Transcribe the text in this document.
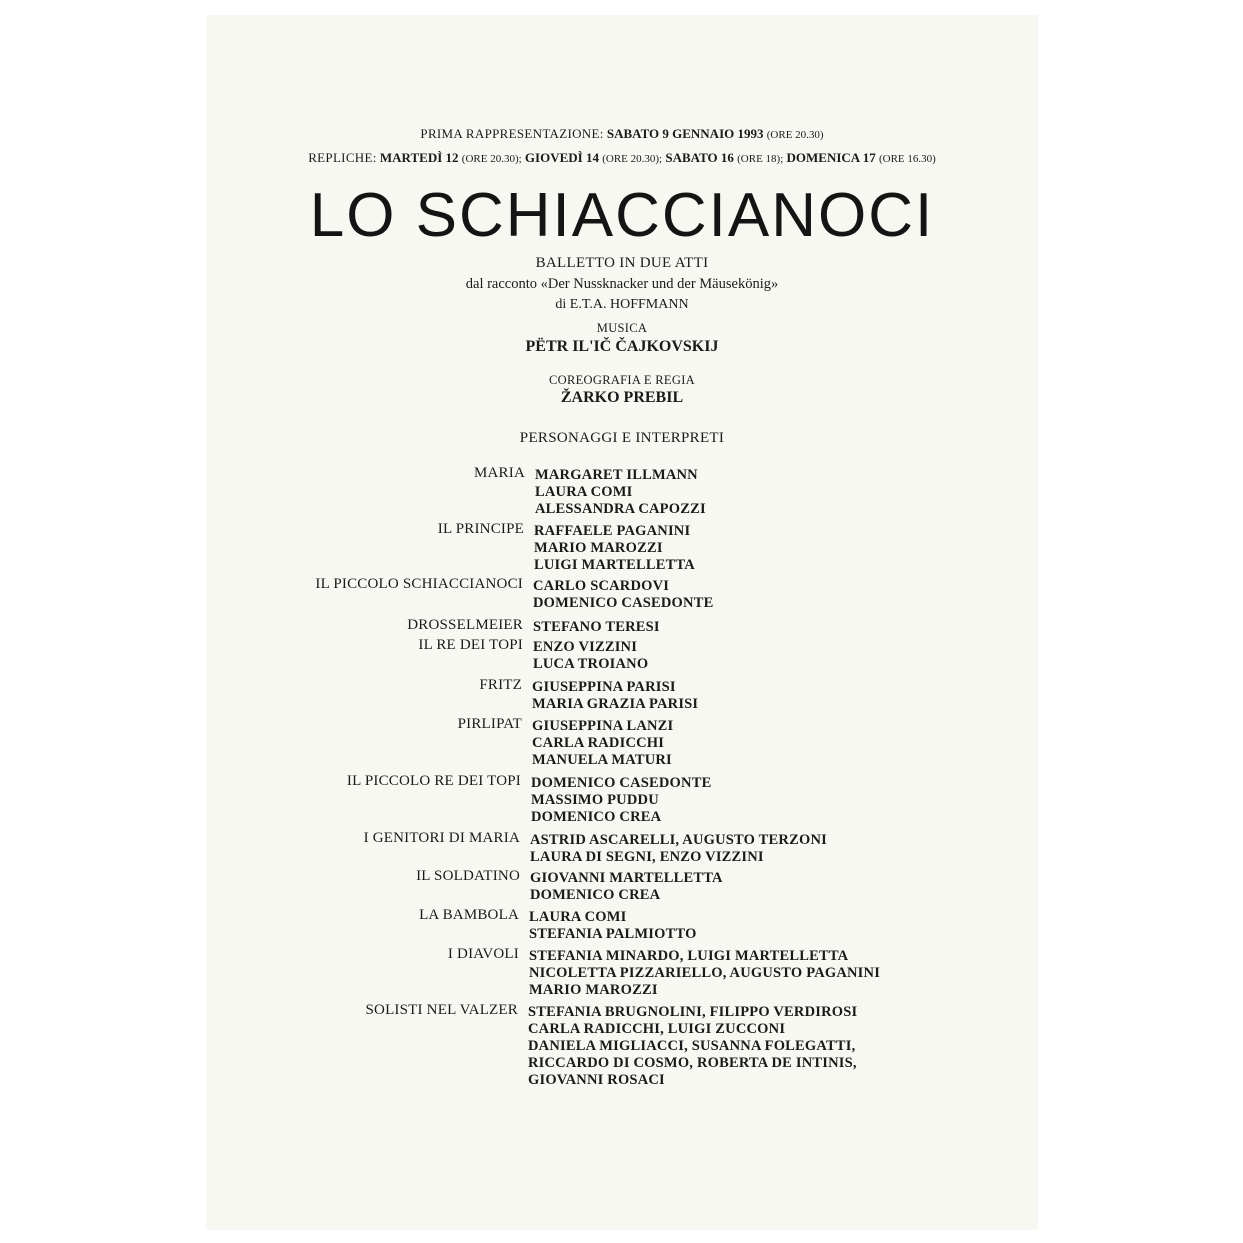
PRIMA RAPPRESENTAZIONE: SABATO 9 GENNAIO 1993 (ORE 20.30)
REPLICHE: MARTEDÌ 12 (ORE 20.30); GIOVEDÌ 14 (ORE 20.30); SABATO 16 (ORE 18); DOMENICA 17 (ORE 16.30)
LO SCHIACCIANOCI
BALLETTO IN DUE ATTI
dal racconto «Der Nussknacker und der Mäusekönig»
di E.T.A. HOFFMANN
MUSICA
PËTR IL'IČ ČAJKOVSKIJ
COREOGRAFIA E REGIA
ŽARKO PREBIL
PERSONAGGI E INTERPRETI
MARIA MARGARET ILLMANN
LAURA COMI
ALESSANDRA CAPOZZI
IL PRINCIPE RAFFAELE PAGANINI
MARIO MAROZZI
LUIGI MARTELLETTA
IL PICCOLO SCHIACCIANOCI CARLO SCARDOVI
DOMENICO CASEDONTE
DROSSELMEIER STEFANO TERESI
IL RE DEI TOPI ENZO VIZZINI
LUCA TROIANO
FRITZ GIUSEPPINA PARISI
MARIA GRAZIA PARISI
PIRLIPAT GIUSEPPINA LANZI
CARLA RADICCHI
MANUELA MATURI
IL PICCOLO RE DEI TOPI DOMENICO CASEDONTE
MASSIMO PUDDU
DOMENICO CREA
I GENITORI DI MARIA ASTRID ASCARELLI, AUGUSTO TERZONI
LAURA DI SEGNI, ENZO VIZZINI
IL SOLDATINO GIOVANNI MARTELLETTA
DOMENICO CREA
LA BAMBOLA LAURA COMI
STEFANIA PALMIOTTO
I DIAVOLI STEFANIA MINARDO, LUIGI MARTELLETTA
NICOLETTA PIZZARIELLO, AUGUSTO PAGANINI
MARIO MAROZZI
SOLISTI NEL VALZER STEFANIA BRUGNOLINI, FILIPPO VERDIROSI
CARLA RADICCHI, LUIGI ZUCCONI
DANIELA MIGLIACCI, SUSANNA FOLEGATTI,
RICCARDO DI COSMO, ROBERTA DE INTINIS,
GIOVANNI ROSACI
